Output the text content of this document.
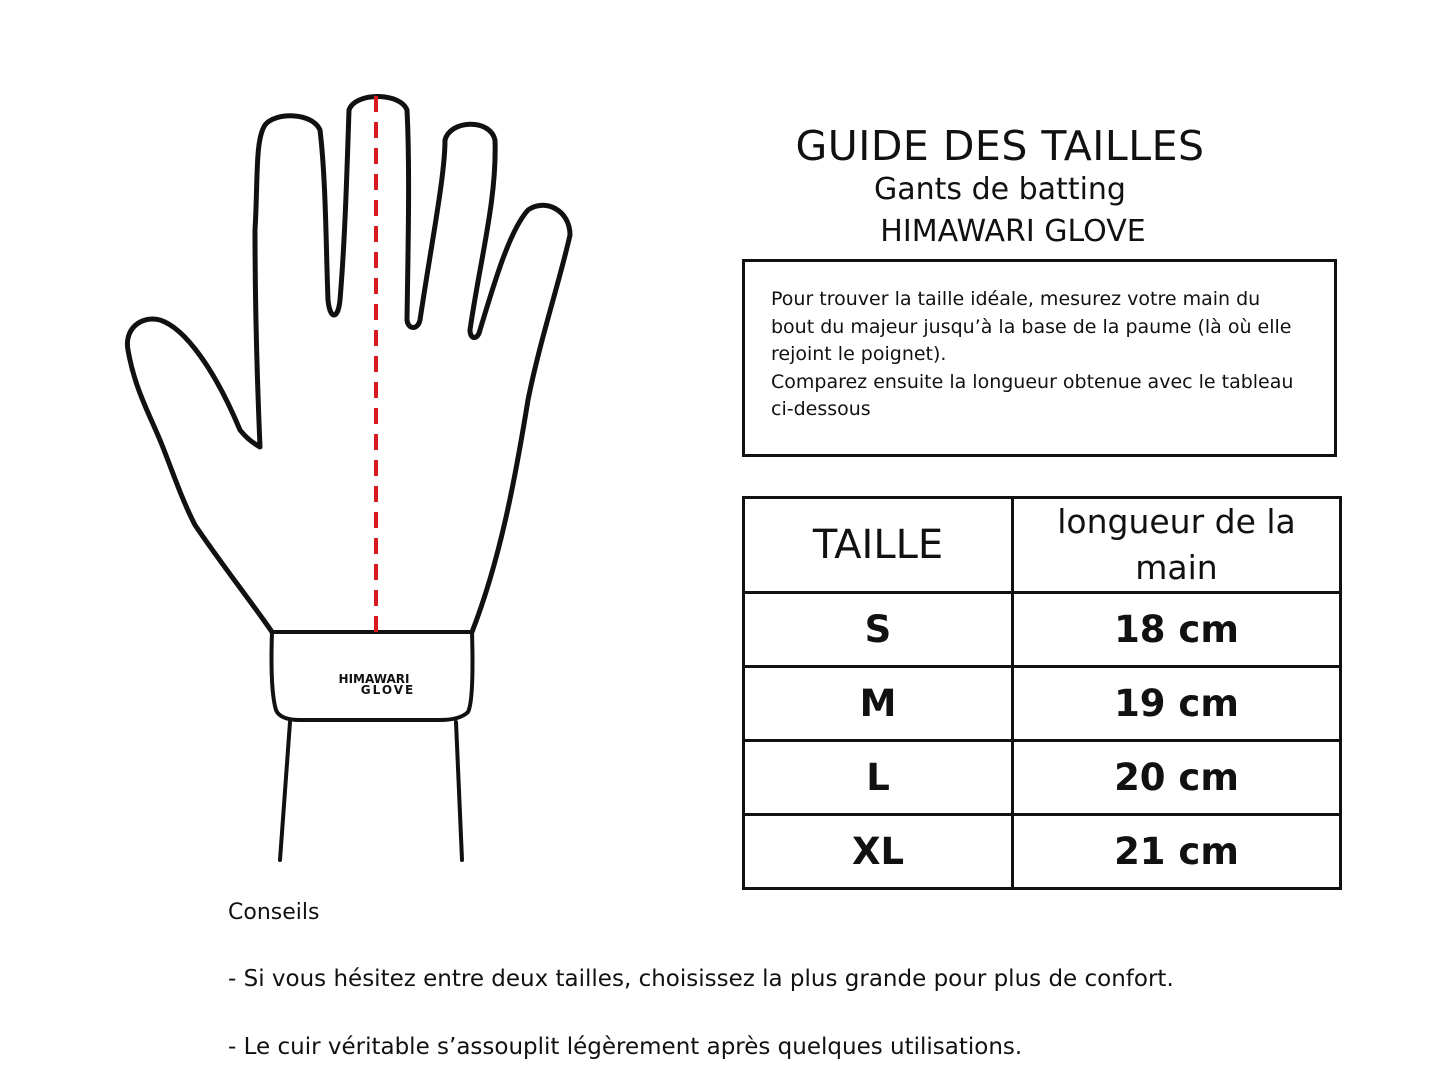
HIMAWARI
GLOVE
GUIDE DES TAILLES
Gants de batting
HIMAWARI GLOVE

Pour trouver la taille idéale, mesurez votre main du bout du majeur jusqu’à la base de la paume (là où elle rejoint le poignet).

Comparez ensuite la longueur obtenue avec le tableau ci-dessous

TAILLE	longueur de la main
S	18 cm
M	19 cm
L	20 cm
XL	21 cm
Conseils
- Si vous hésitez entre deux tailles, choisissez la plus grande pour plus de confort.
- Le cuir véritable s’assouplit légèrement après quelques utilisations.
